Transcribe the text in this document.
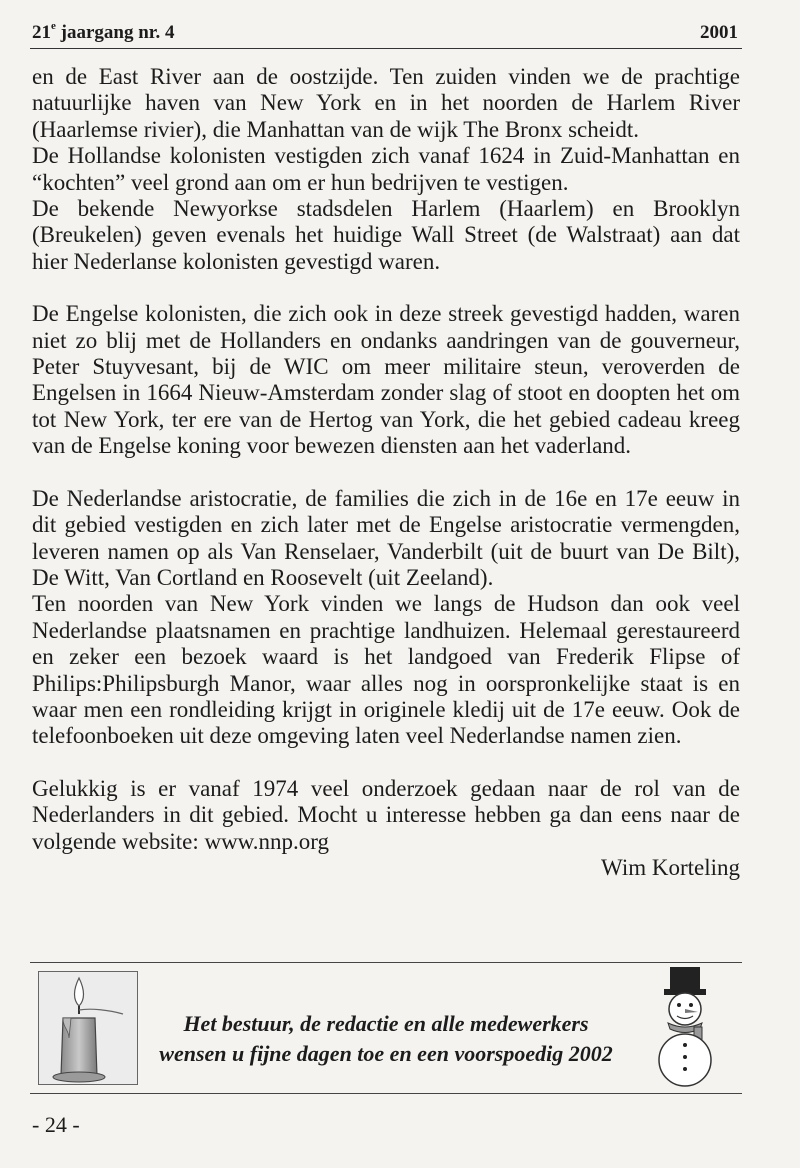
21e jaargang nr. 4	2001

en de East River aan de oostzijde. Ten zuiden vinden we de prachtige natuurlijke haven van New York en in het noorden de Harlem River (Haarlemse rivier), die Manhattan van de wijk The Bronx scheidt.

De Hollandse kolonisten vestigden zich vanaf 1624 in Zuid-Manhattan en “kochten” veel grond aan om er hun bedrijven te vestigen.

De bekende Newyorkse stadsdelen Harlem (Haarlem) en Brooklyn (Breukelen) geven evenals het huidige Wall Street (de Walstraat) aan dat hier Nederlanse kolonisten gevestigd waren.

De Engelse kolonisten, die zich ook in deze streek gevestigd hadden, waren niet zo blij met de Hollanders en ondanks aandringen van de gouverneur, Peter Stuyvesant, bij de WIC om meer militaire steun, veroverden de Engelsen in 1664 Nieuw-Amsterdam zonder slag of stoot en doopten het om tot New York, ter ere van de Hertog van York, die het gebied cadeau kreeg van de Engelse koning voor bewezen diensten aan het vaderland.

De Nederlandse aristocratie, de families die zich in de 16e en 17e eeuw in dit gebied vestigden en zich later met de Engelse aristocratie vermengden, leveren namen op als Van Renselaer, Vanderbilt (uit de buurt van De Bilt), De Witt, Van Cortland en Roosevelt (uit Zeeland).

Ten noorden van New York vinden we langs de Hudson dan ook veel Nederlandse plaatsnamen en prachtige landhuizen. Helemaal gerestaureerd en zeker een bezoek waard is het landgoed van Frederik Flipse of Philips:Philipsburgh Manor, waar alles nog in oorspronkelijke staat is en waar men een rondleiding krijgt in originele kledij uit de 17e eeuw. Ook de telefoonboeken uit deze omgeving laten veel Nederlandse namen zien.

Gelukkig is er vanaf 1974 veel onderzoek gedaan naar de rol van de Nederlanders in dit gebied. Mocht u interesse hebben ga dan eens naar de volgende website: www.nnp.org

Wim Korteling

Het bestuur, de redactie en alle medewerkers
wensen u fijne dagen toe en een voorspoedig 2002
- 24 -
